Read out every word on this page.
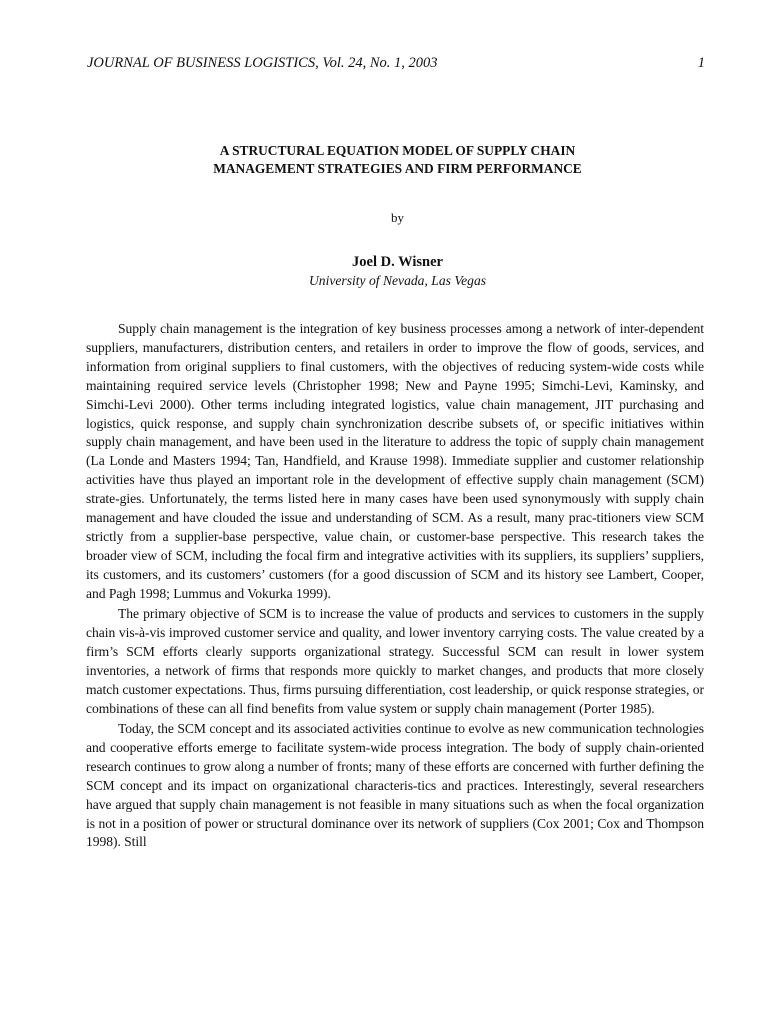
JOURNAL OF BUSINESS LOGISTICS, Vol. 24, No. 1, 2003	1
A STRUCTURAL EQUATION MODEL OF SUPPLY CHAIN
MANAGEMENT STRATEGIES AND FIRM PERFORMANCE
by
Joel D. Wisner
University of Nevada, Las Vegas

Supply chain management is the integration of key business processes among a network of inter-dependent suppliers, manufacturers, distribution centers, and retailers in order to improve the flow of goods, services, and information from original suppliers to final customers, with the objectives of reducing system-wide costs while maintaining required service levels (Christopher 1998; New and Payne 1995; Simchi-Levi, Kaminsky, and Simchi-Levi 2000). Other terms including integrated logistics, value chain management, JIT purchasing and logistics, quick response, and supply chain synchronization describe subsets of, or specific initiatives within supply chain management, and have been used in the literature to address the topic of supply chain management (La Londe and Masters 1994; Tan, Handfield, and Krause 1998). Immediate supplier and customer relationship activities have thus played an important role in the development of effective supply chain management (SCM) strate-gies. Unfortunately, the terms listed here in many cases have been used synonymously with supply chain management and have clouded the issue and understanding of SCM. As a result, many prac-titioners view SCM strictly from a supplier-base perspective, value chain, or customer-base perspective. This research takes the broader view of SCM, including the focal firm and integrative activities with its suppliers, its suppliers’ suppliers, its customers, and its customers’ customers (for a good discussion of SCM and its history see Lambert, Cooper, and Pagh 1998; Lummus and Vokurka 1999).

The primary objective of SCM is to increase the value of products and services to customers in the supply chain vis-à-vis improved customer service and quality, and lower inventory carrying costs. The value created by a firm’s SCM efforts clearly supports organizational strategy. Successful SCM can result in lower system inventories, a network of firms that responds more quickly to market changes, and products that more closely match customer expectations. Thus, firms pursuing differentiation, cost leadership, or quick response strategies, or combinations of these can all find benefits from value system or supply chain management (Porter 1985).

Today, the SCM concept and its associated activities continue to evolve as new communication technologies and cooperative efforts emerge to facilitate system-wide process integration. The body of supply chain-oriented research continues to grow along a number of fronts; many of these efforts are concerned with further defining the SCM concept and its impact on organizational characteris-tics and practices. Interestingly, several researchers have argued that supply chain management is not feasible in many situations such as when the focal organization is not in a position of power or structural dominance over its network of suppliers (Cox 2001; Cox and Thompson 1998). Still
